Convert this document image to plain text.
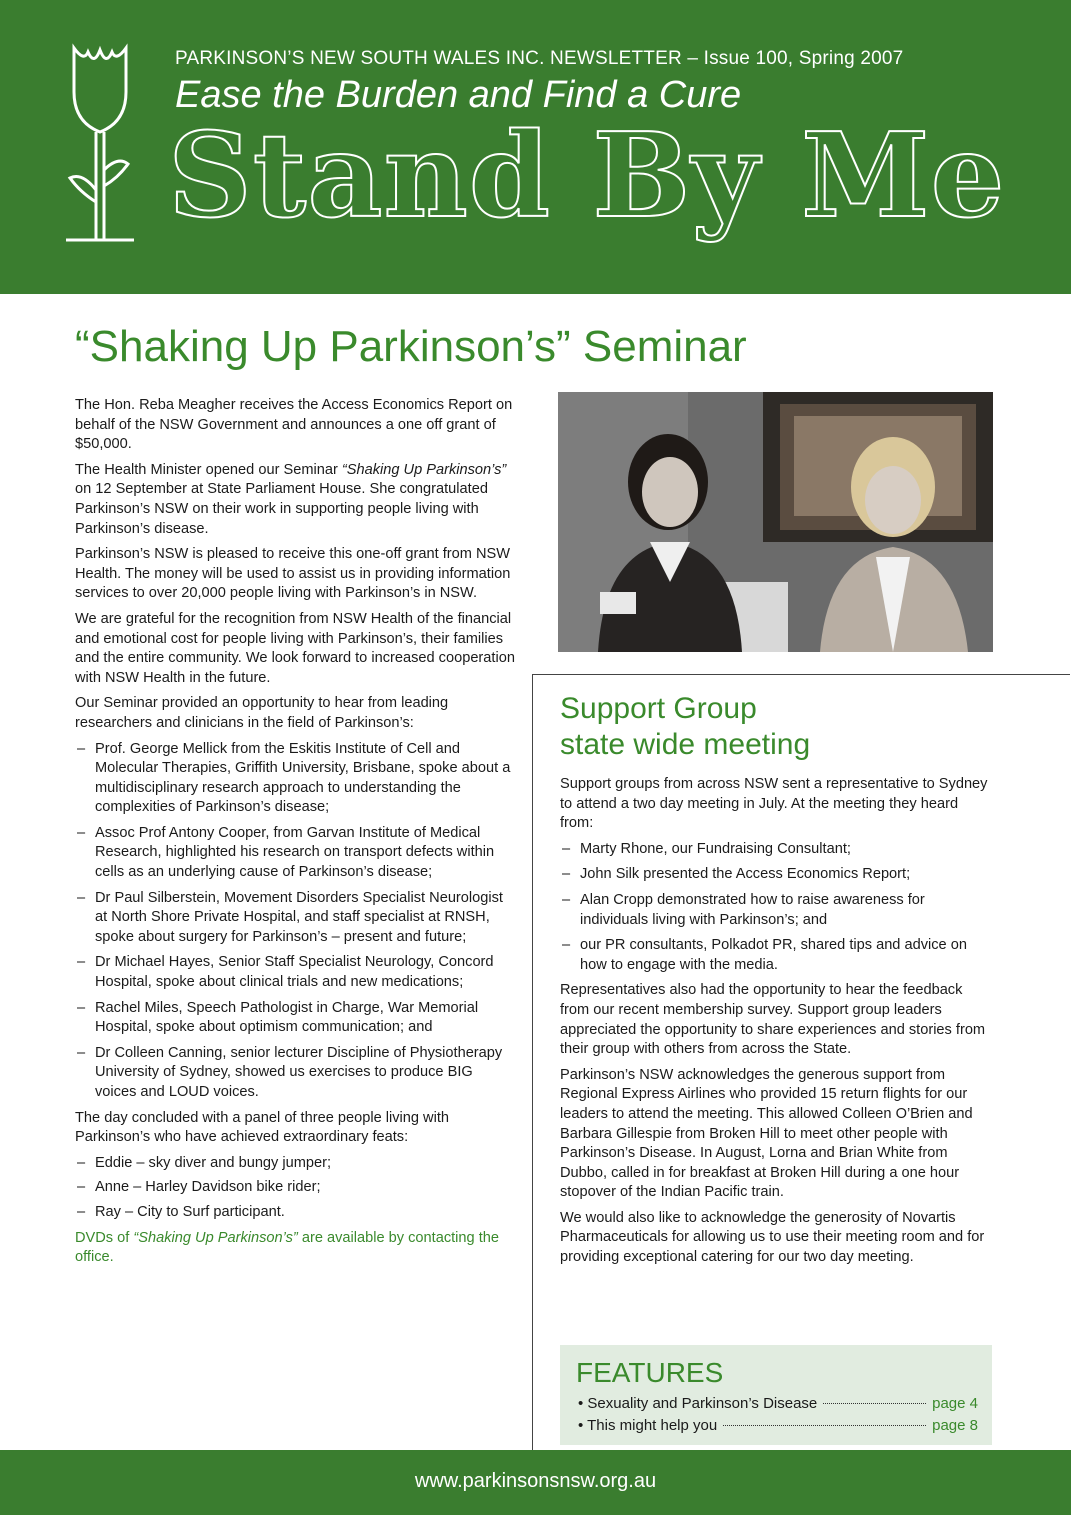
PARKINSON’S NEW SOUTH WALES INC. NEWSLETTER – Issue 100, Spring 2007
Ease the Burden and Find a Cure
Stand By Me
“Shaking Up Parkinson’s” Seminar

The Hon. Reba Meagher receives the Access Economics Report on behalf of the NSW Government and announces a one off grant of $50,000.

The Health Minister opened our Seminar “Shaking Up Parkinson’s” on 12 September at State Parliament House. She congratulated Parkinson’s NSW on their work in supporting people living with Parkinson’s disease.

Parkinson’s NSW is pleased to receive this one-off grant from NSW Health. The money will be used to assist us in providing information services to over 20,000 people living with Parkinson’s in NSW.

We are grateful for the recognition from NSW Health of the financial and emotional cost for people living with Parkinson’s, their families and the entire community. We look forward to increased cooperation with NSW Health in the future.

Our Seminar provided an opportunity to hear from leading researchers and clinicians in the field of Parkinson’s:

– Prof. George Mellick from the Eskitis Institute of Cell and Molecular Therapies, Griffith University, Brisbane, spoke about a multidisciplinary research approach to understanding the complexities of Parkinson’s disease;
– Assoc Prof Antony Cooper, from Garvan Institute of Medical Research, highlighted his research on transport defects within cells as an underlying cause of Parkinson’s disease;
– Dr Paul Silberstein, Movement Disorders Specialist Neurologist at North Shore Private Hospital, and staff specialist at RNSH, spoke about surgery for Parkinson’s – present and future;
– Dr Michael Hayes, Senior Staff Specialist Neurology, Concord Hospital, spoke about clinical trials and new medications;
– Rachel Miles, Speech Pathologist in Charge, War Memorial Hospital, spoke about optimism communication; and
– Dr Colleen Canning, senior lecturer Discipline of Physiotherapy University of Sydney, showed us exercises to produce BIG voices and LOUD voices.

The day concluded with a panel of three people living with Parkinson’s who have achieved extraordinary feats:

– Eddie – sky diver and bungy jumper;
– Anne – Harley Davidson bike rider;
– Ray – City to Surf participant.

DVDs of “Shaking Up Parkinson’s” are available by contacting the office.

Support Group
state wide meeting

Support groups from across NSW sent a representative to Sydney to attend a two day meeting in July. At the meeting they heard from:

– Marty Rhone, our Fundraising Consultant;
– John Silk presented the Access Economics Report;
– Alan Cropp demonstrated how to raise awareness for individuals living with Parkinson’s; and
– our PR consultants, Polkadot PR, shared tips and advice on how to engage with the media.

Representatives also had the opportunity to hear the feedback from our recent membership survey. Support group leaders appreciated the opportunity to share experiences and stories from their group with others from across the State.

Parkinson’s NSW acknowledges the generous support from Regional Express Airlines who provided 15 return flights for our leaders to attend the meeting. This allowed Colleen O’Brien and Barbara Gillespie from Broken Hill to meet other people with Parkinson’s Disease. In August, Lorna and Brian White from Dubbo, called in for breakfast at Broken Hill during a one hour stopover of the Indian Pacific train.

We would also like to acknowledge the generosity of Novartis Pharmaceuticals for allowing us to use their meeting room and for providing exceptional catering for our two day meeting.

FEATURES
• Sexuality and Parkinson’s Disease	page 4
• This might help you	page 8
www.parkinsonsnsw.org.au
